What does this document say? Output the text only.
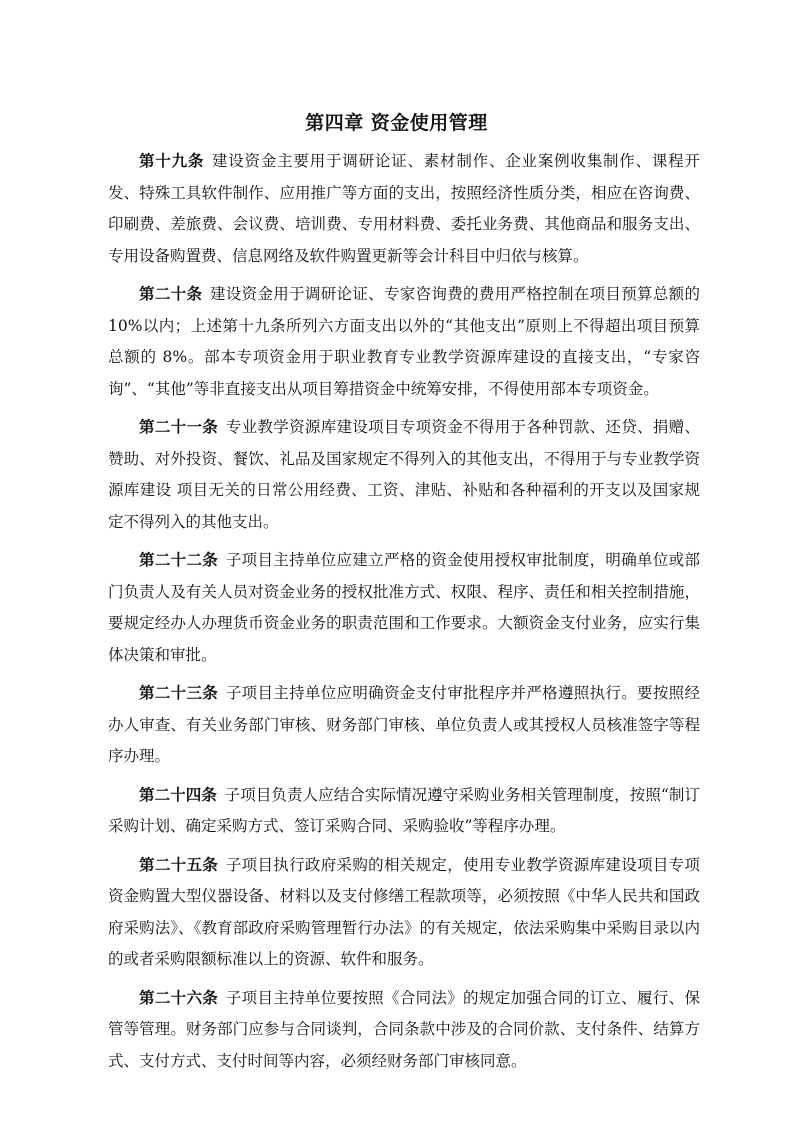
第四章 资金使用管理

第十九条 建设资金主要用于调研论证、素材制作、企业案例收集制作、课程开发、特殊工具软件制作、应用推广等方面的支出，按照经济性质分类，相应在咨询费、印刷费、差旅费、会议费、培训费、专用材料费、委托业务费、其他商品和服务支出、专用设备购置费、信息网络及软件购置更新等会计科目中归依与核算。

第二十条 建设资金用于调研论证、专家咨询费的费用严格控制在项目预算总额的 10%以内；上述第十九条所列六方面支出以外的“其他支出”原则上不得超出项目预算总额的 8%。部本专项资金用于职业教育专业教学资源库建设的直接支出，“专家咨询”、“其他”等非直接支出从项目筹措资金中统筹安排，不得使用部本专项资金。

第二十一条 专业教学资源库建设项目专项资金不得用于各种罚款、还贷、捐赠、赞助、对外投资、餐饮、礼品及国家规定不得列入的其他支出，不得用于与专业教学资源库建设 项目无关的日常公用经费、工资、津贴、补贴和各种福利的开支以及国家规定不得列入的其他支出。

第二十二条 子项目主持单位应建立严格的资金使用授权审批制度，明确单位或部门负责人及有关人员对资金业务的授权批准方式、权限、程序、责任和相关控制措施，要规定经办人办理货币资金业务的职责范围和工作要求。大额资金支付业务，应实行集体决策和审批。

第二十三条 子项目主持单位应明确资金支付审批程序并严格遵照执行。要按照经办人审查、有关业务部门审核、财务部门审核、单位负责人或其授权人员核准签字等程序办理。

第二十四条 子项目负责人应结合实际情况遵守采购业务相关管理制度，按照“制订采购计划、确定采购方式、签订采购合同、采购验收”等程序办理。

第二十五条 子项目执行政府采购的相关规定，使用专业教学资源库建设项目专项资金购置大型仪器设备、材料以及支付修缮工程款项等，必须按照《中华人民共和国政府采购法》、《教育部政府采购管理暂行办法》的有关规定，依法采购集中采购目录以内的或者采购限额标准以上的资源、软件和服务。

第二十六条 子项目主持单位要按照《合同法》的规定加强合同的订立、履行、保管等管理。财务部门应参与合同谈判，合同条款中涉及的合同价款、支付条件、结算方式、支付方式、支付时间等内容，必须经财务部门审核同意。
